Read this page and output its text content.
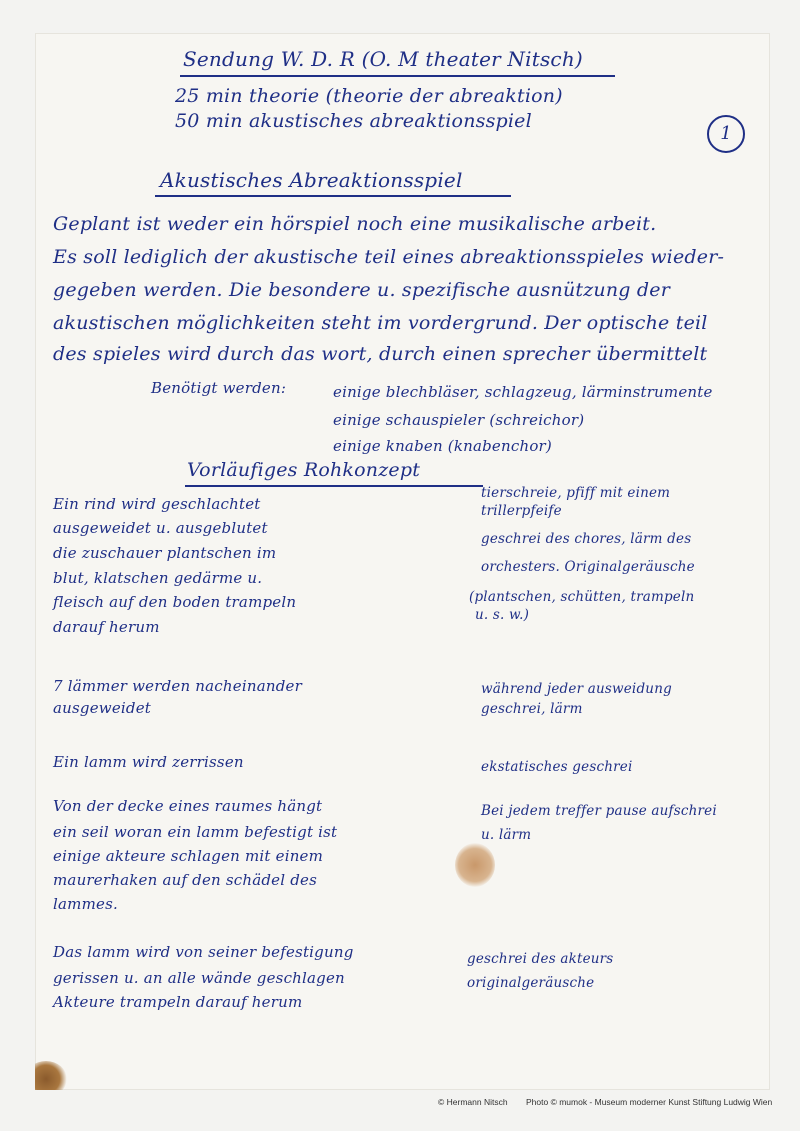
Sendung W. D. R (O. M theater Nitsch)
25 min theorie (theorie der abreaktion)
50 min akustisches abreaktionsspiel
1
Akustisches Abreaktionsspiel
Geplant ist weder ein hörspiel noch eine musikalische arbeit.
Es soll lediglich der akustische teil eines abreaktionsspieles wieder-
gegeben werden. Die besondere u. spezifische ausnützung der
akustischen möglichkeiten steht im vordergrund. Der optische teil
des spieles wird durch das wort, durch einen sprecher übermittelt
Benötigt werden:	einige blechbläser, schlagzeug, lärminstrumente
einige schauspieler (schreichor)
einige knaben (knabenchor)
Vorläufiges Rohkonzept
Ein rind wird geschlachtet
ausgeweidet u. ausgeblutet
die zuschauer plantschen im
blut, klatschen gedärme u.
fleisch auf den boden trampeln
darauf herum
7 lämmer werden nacheinander
ausgeweidet
Ein lamm wird zerrissen
Von der decke eines raumes hängt
ein seil woran ein lamm befestigt ist
einige akteure schlagen mit einem
maurerhaken auf den schädel des
lammes.
Das lamm wird von seiner befestigung
gerissen u. an alle wände geschlagen
Akteure trampeln darauf herum
tierschreie, pfiff mit einem
trillerpfeife
geschrei des chores, lärm des
orchesters. Originalgeräusche
(plantschen, schütten, trampeln
u. s. w.)
während jeder ausweidung
geschrei, lärm
ekstatisches geschrei
Bei jedem treffer pause aufschrei
u. lärm
geschrei des akteurs
originalgeräusche
© Hermann Nitsch Photo © mumok - Museum moderner Kunst Stiftung Ludwig Wien
